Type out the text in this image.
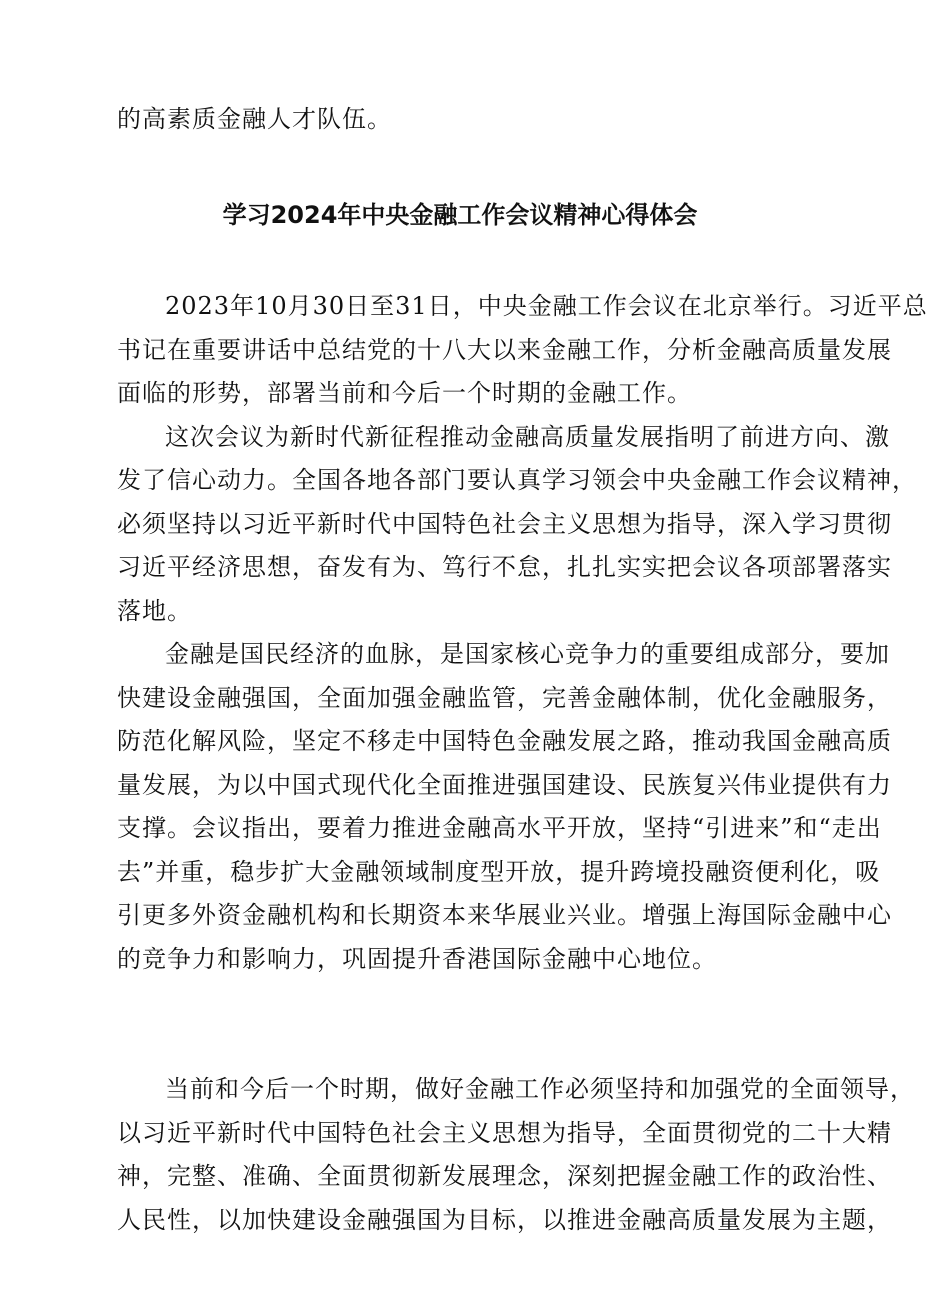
的高素质金融人才队伍。
学习2024年中央金融工作会议精神心得体会
2023年10月30日至31日，中央金融工作会议在北京举行。习近平总
书记在重要讲话中总结党的十八大以来金融工作，分析金融高质量发展
面临的形势，部署当前和今后一个时期的金融工作。
这次会议为新时代新征程推动金融高质量发展指明了前进方向、激
发了信心动力。全国各地各部门要认真学习领会中央金融工作会议精神，
必须坚持以习近平新时代中国特色社会主义思想为指导，深入学习贯彻
习近平经济思想，奋发有为、笃行不怠，扎扎实实把会议各项部署落实
落地。
金融是国民经济的血脉，是国家核心竞争力的重要组成部分，要加
快建设金融强国，全面加强金融监管，完善金融体制，优化金融服务，
防范化解风险，坚定不移走中国特色金融发展之路，推动我国金融高质
量发展，为以中国式现代化全面推进强国建设、民族复兴伟业提供有力
支撑。会议指出，要着力推进金融高水平开放，坚持“引进来”和“走出
去”并重，稳步扩大金融领域制度型开放，提升跨境投融资便利化，吸
引更多外资金融机构和长期资本来华展业兴业。增强上海国际金融中心
的竞争力和影响力，巩固提升香港国际金融中心地位。
当前和今后一个时期，做好金融工作必须坚持和加强党的全面领导，
以习近平新时代中国特色社会主义思想为指导，全面贯彻党的二十大精
神，完整、准确、全面贯彻新发展理念，深刻把握金融工作的政治性、
人民性，以加快建设金融强国为目标，以推进金融高质量发展为主题，
